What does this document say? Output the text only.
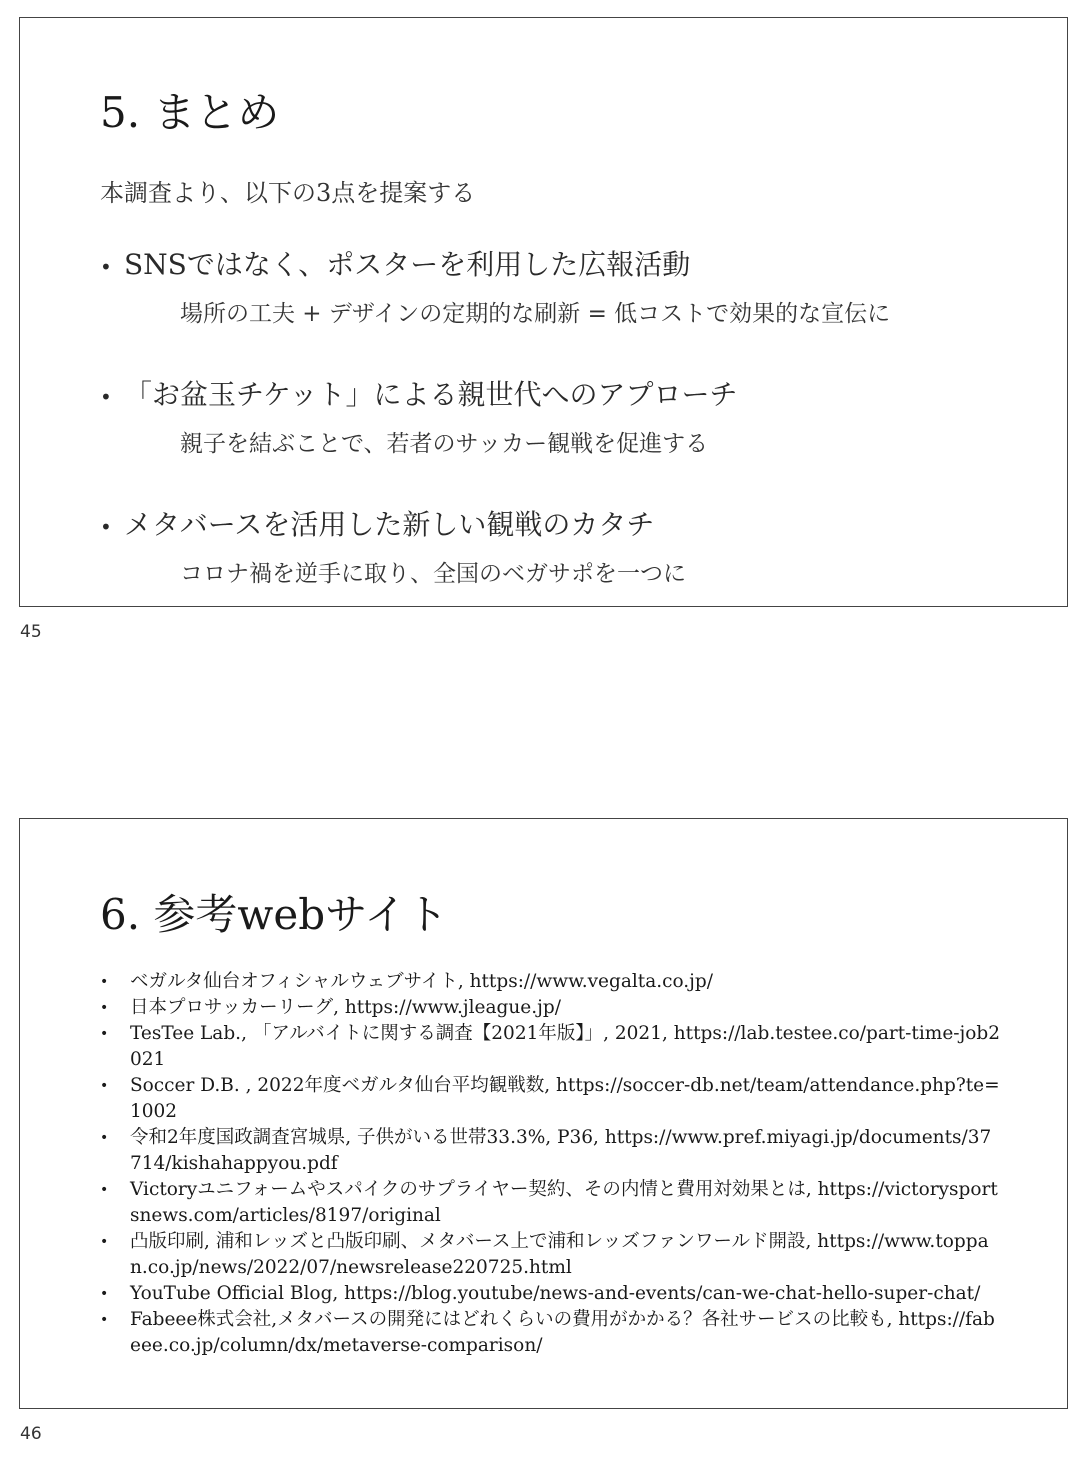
5. まとめ
本調査より、以下の3点を提案する
• SNSではなく、ポスターを利用した広報活動
場所の工夫 + デザインの定期的な刷新 = 低コストで効果的な宣伝に
• 「お盆玉チケット」による親世代へのアプローチ
親子を結ぶことで、若者のサッカー観戦を促進する
• メタバースを活用した新しい観戦のカタチ
コロナ禍を逆手に取り、全国のベガサポを一つに
45
6. 参考webサイト
•	ベガルタ仙台オフィシャルウェブサイト, https://www.vegalta.co.jp/
•	日本プロサッカーリーグ, https://www.jleague.jp/
•	TesTee Lab., 「アルバイトに関する調査【2021年版】」, 2021, https://lab.testee.co/part-time-job2021
•	Soccer D.B. , 2022年度ベガルタ仙台平均観戦数, https://soccer-db.net/team/attendance.php?te=1002
•	令和2年度国政調査宮城県, 子供がいる世帯33.3%, P36, https://www.pref.miyagi.jp/documents/37714/kishahappyou.pdf
•	Victoryユニフォームやスパイクのサプライヤー契約、その内情と費用対効果とは, https://victorysportsnews.com/articles/8197/original
•	凸版印刷, 浦和レッズと凸版印刷、メタバース上で浦和レッズファンワールド開設, https://www.toppan.co.jp/news/2022/07/newsrelease220725.html
•	YouTube Official Blog, https://blog.youtube/news-and-events/can-we-chat-hello-super-chat/
•	Fabeee株式会社,メタバースの開発にはどれくらいの費用がかかる？各社サービスの比較も, https://fabeee.co.jp/column/dx/metaverse-comparison/
46
